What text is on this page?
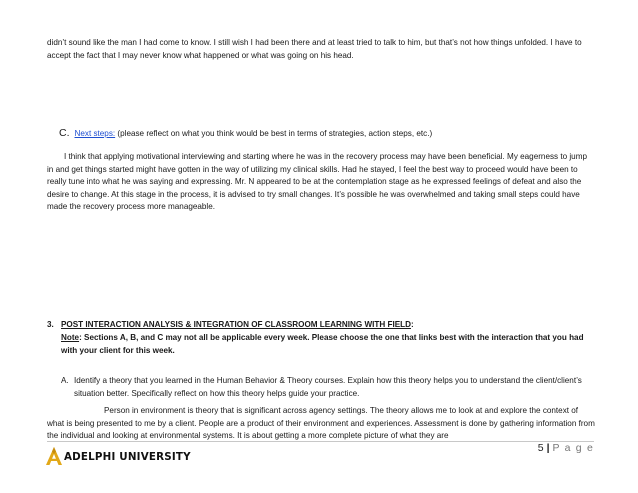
didn’t sound like the man I had come to know. I still wish I had been there and at least tried to talk to him, but that’s not how things unfolded. I have to accept the fact that I may never know what happened or what was going on his head.

C. Next steps: (please reflect on what you think would be best in terms of strategies, action steps, etc.)

I think that applying motivational interviewing and starting where he was in the recovery process may have been beneficial. My eagerness to jump in and get things started might have gotten in the way of utilizing my clinical skills. Had he stayed, I feel the best way to proceed would have been to really tune into what he was saying and expressing. Mr. N appeared to be at the contemplation stage as he expressed feelings of defeat and also the desire to change. At this stage in the process, it is advised to try small changes. It’s possible he was overwhelmed and taking small steps could have made the recovery process more manageable.

3. POST INTERACTION ANALYSIS & INTEGRATION OF CLASSROOM LEARNING WITH FIELD:
Note: Sections A, B, and C may not all be applicable every week. Please choose the one that links best with the interaction that you had with your client for this week.
A. Identify a theory that you learned in the Human Behavior & Theory courses. Explain how this theory helps you to understand the client/client’s situation better. Specifically reflect on how this theory helps guide your practice.

Person in environment is theory that is significant across agency settings. The theory allows me to look at and explore the context of what is being presented to me by a client. People are a product of their environment and experiences. Assessment is done by gathering information from the individual and looking at environmental systems. It is about getting a more complete picture of what they are

5 | P a g e
ADELPHI UNIVERSITY
